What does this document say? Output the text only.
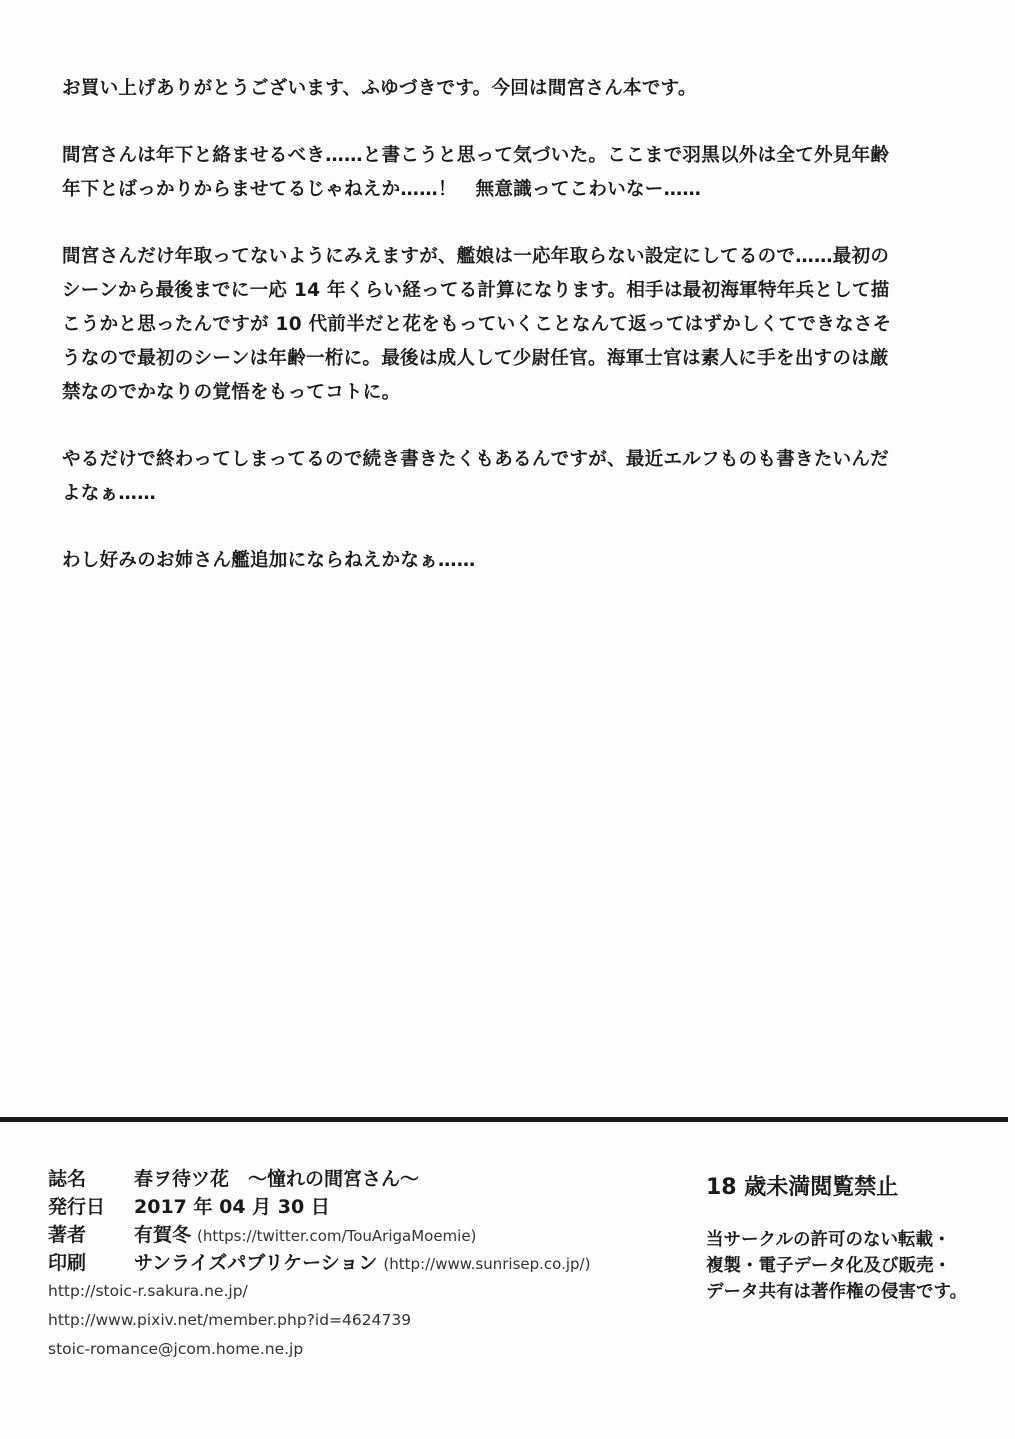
お買い上げありがとうございます、ふゆづきです。今回は間宮さん本です。

間宮さんは年下と絡ませるべき……と書こうと思って気づいた。ここまで羽黒以外は全て外見年齢
年下とばっかりからませてるじゃねえか……！　無意識ってこわいなー……

間宮さんだけ年取ってないようにみえますが、艦娘は一応年取らない設定にしてるので……最初の
シーンから最後までに一応 14 年くらい経ってる計算になります。相手は最初海軍特年兵として描
こうかと思ったんですが 10 代前半だと花をもっていくことなんて返ってはずかしくてできなさそ
うなので最初のシーンは年齢一桁に。最後は成人して少尉任官。海軍士官は素人に手を出すのは厳
禁なのでかなりの覚悟をもってコトに。

やるだけで終わってしまってるので続き書きたくもあるんですが、最近エルフものも書きたいんだ
よなぁ……

わし好みのお姉さん艦追加にならねえかなぁ……

誌名	春ヲ待ツ花　～憧れの間宮さん～
発行日 2017 年 04 月 30 日
著者	有賀冬 (https://twitter.com/TouArigaMoemie)
印刷	サンライズパブリケーション (http://www.sunrisep.co.jp/)
http://stoic-r.sakura.ne.jp/
http://www.pixiv.net/member.php?id=4624739
stoic-romance@jcom.home.ne.jp
18 歳未満閲覧禁止
当サークルの許可のない転載・
複製・電子データ化及び販売・
データ共有は著作権の侵害です。
